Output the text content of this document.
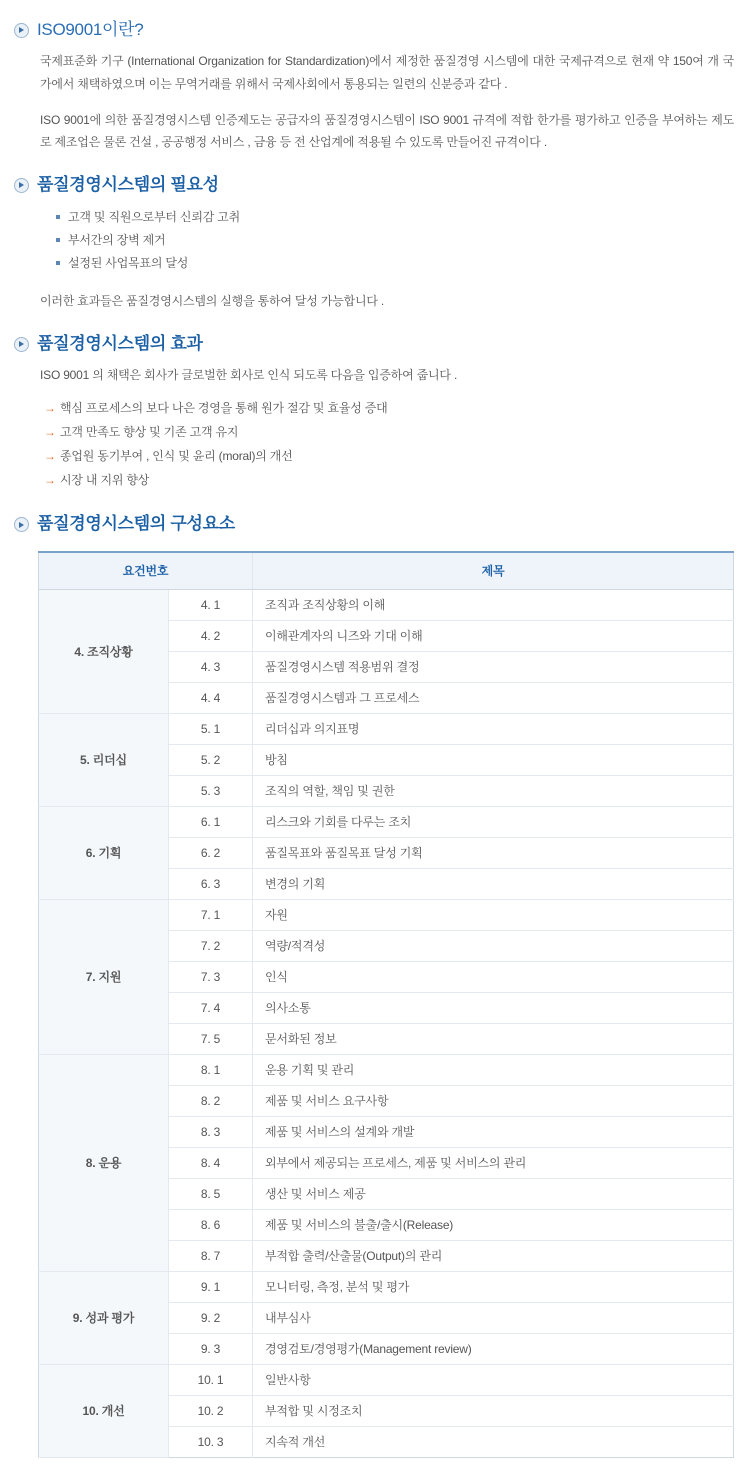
ISO9001이란?

국제표준화 기구 (International Organization for Standardization)에서 제정한 품질경영 시스템에 대한 국제규격으로 현재 약 150여 개 국가에서 채택하였으며 이는 무역거래를 위해서 국제사회에서 통용되는 일련의 신분증과 같다 .

ISO 9001에 의한 품질경영시스템 인증제도는 공급자의 품질경영시스템이 ISO 9001 규격에 적합 한가를 평가하고 인증을 부여하는 제도로 제조업은 물론 건설 , 공공행정 서비스 , 금융 등 전 산업계에 적용될 수 있도록 만들어진 규격이다 .

품질경영시스템의 필요성
고객 및 직원으로부터 신뢰감 고취
부서간의 장벽 제거
설정된 사업목표의 달성

이러한 효과들은 품질경영시스템의 실행을 통하여 달성 가능합니다 .

품질경영시스템의 효과

ISO 9001 의 채택은 회사가 글로벌한 회사로 인식 되도록 다음을 입증하여 줍니다 .

→ 핵심 프로세스의 보다 나은 경영을 통해 원가 절감 및 효율성 증대
→ 고객 만족도 향상 및 기존 고객 유지
→ 종업원 동기부여 , 인식 및 윤리 (moral)의 개선
→ 시장 내 지위 향상
품질경영시스템의 구성요소
요건번호		제목
4. 조직상황	4. 1	조직과 조직상황의 이해
	4. 2	이해관계자의 니즈와 기대 이해
	4. 3	품질경영시스템 적용범위 결정
	4. 4	품질경영시스템과 그 프로세스
5. 리더십	5. 1	리더십과 의지표명
	5. 2	방침
	5. 3	조직의 역할, 책임 및 권한
6. 기획	6. 1	리스크와 기회를 다루는 조치
	6. 2	품질목표와 품질목표 달성 기획
	6. 3	변경의 기획
7. 지원	7. 1	자원
	7. 2	역량/적격성
	7. 3	인식
	7. 4	의사소통
	7. 5	문서화된 정보
8. 운용	8. 1	운용 기획 및 관리
	8. 2	제품 및 서비스 요구사항
	8. 3	제품 및 서비스의 설계와 개발
	8. 4	외부에서 제공되는 프로세스, 제품 및 서비스의 관리
	8. 5	생산 및 서비스 제공
	8. 6	제품 및 서비스의 불출/출시(Release)
	8. 7	부적합 출력/산출물(Output)의 관리
9. 성과 평가	9. 1	모니터링, 측정, 분석 및 평가
	9. 2	내부심사
	9. 3	경영검토/경영평가(Management review)
10. 개선	10. 1	일반사항
	10. 2	부적합 및 시정조치
	10. 3	지속적 개선
